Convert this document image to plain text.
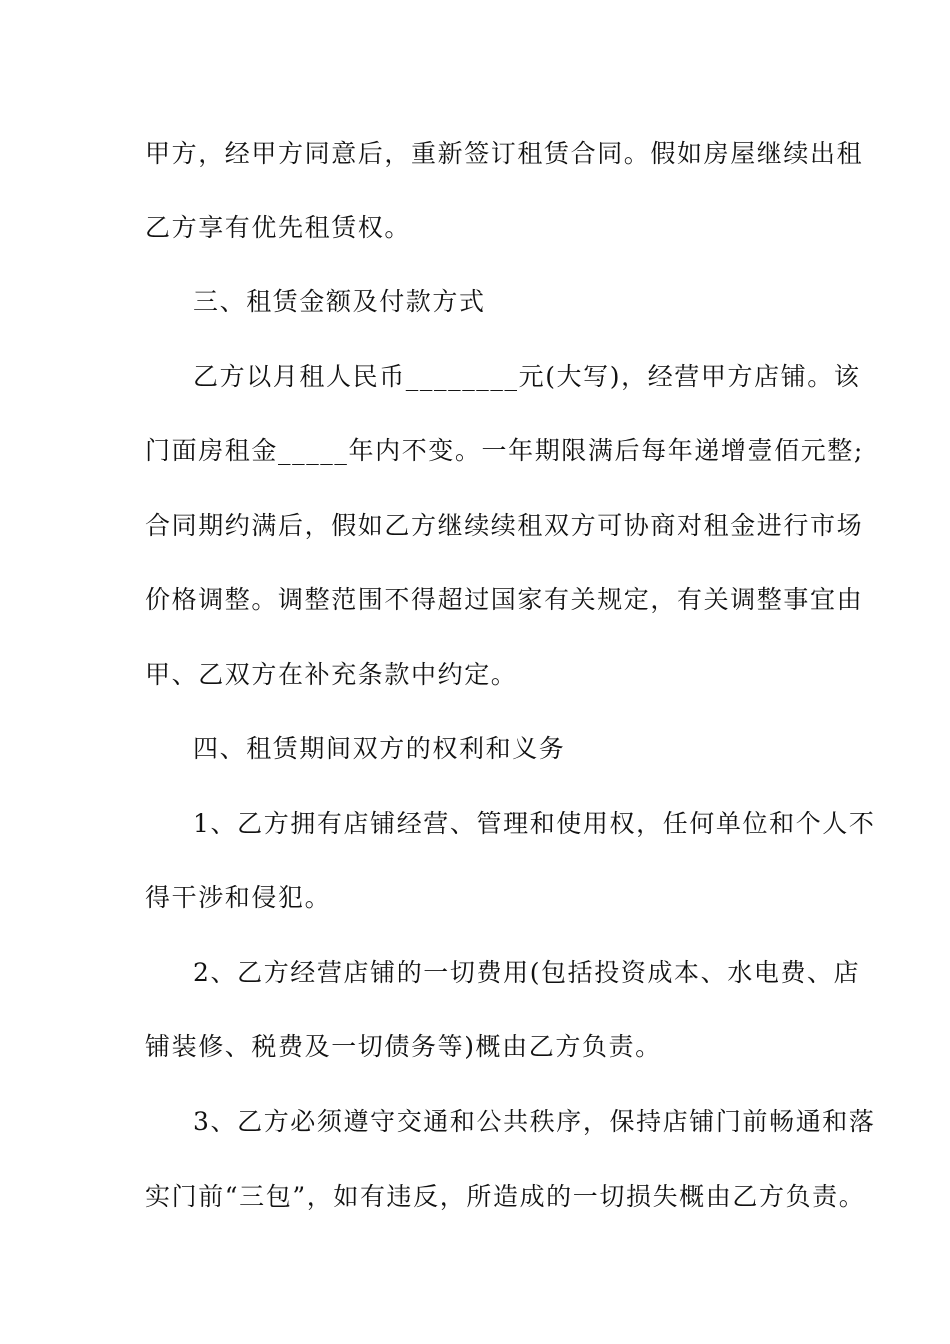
甲方，经甲方同意后，重新签订租赁合同。假如房屋继续出租
乙方享有优先租赁权。
三、租赁金额及付款方式
乙方以月租人民币________元(大写)，经营甲方店铺。该
门面房租金_____年内不变。一年期限满后每年递增壹佰元整;
合同期约满后，假如乙方继续续租双方可协商对租金进行市场
价格调整。调整范围不得超过国家有关规定，有关调整事宜由
甲、乙双方在补充条款中约定。
四、租赁期间双方的权利和义务
1、乙方拥有店铺经营、管理和使用权，任何单位和个人不
得干涉和侵犯。
2、乙方经营店铺的一切费用(包括投资成本、水电费、店
铺装修、税费及一切债务等)概由乙方负责。
3、乙方必须遵守交通和公共秩序，保持店铺门前畅通和落
实门前“三包”，如有违反，所造成的一切损失概由乙方负责。
